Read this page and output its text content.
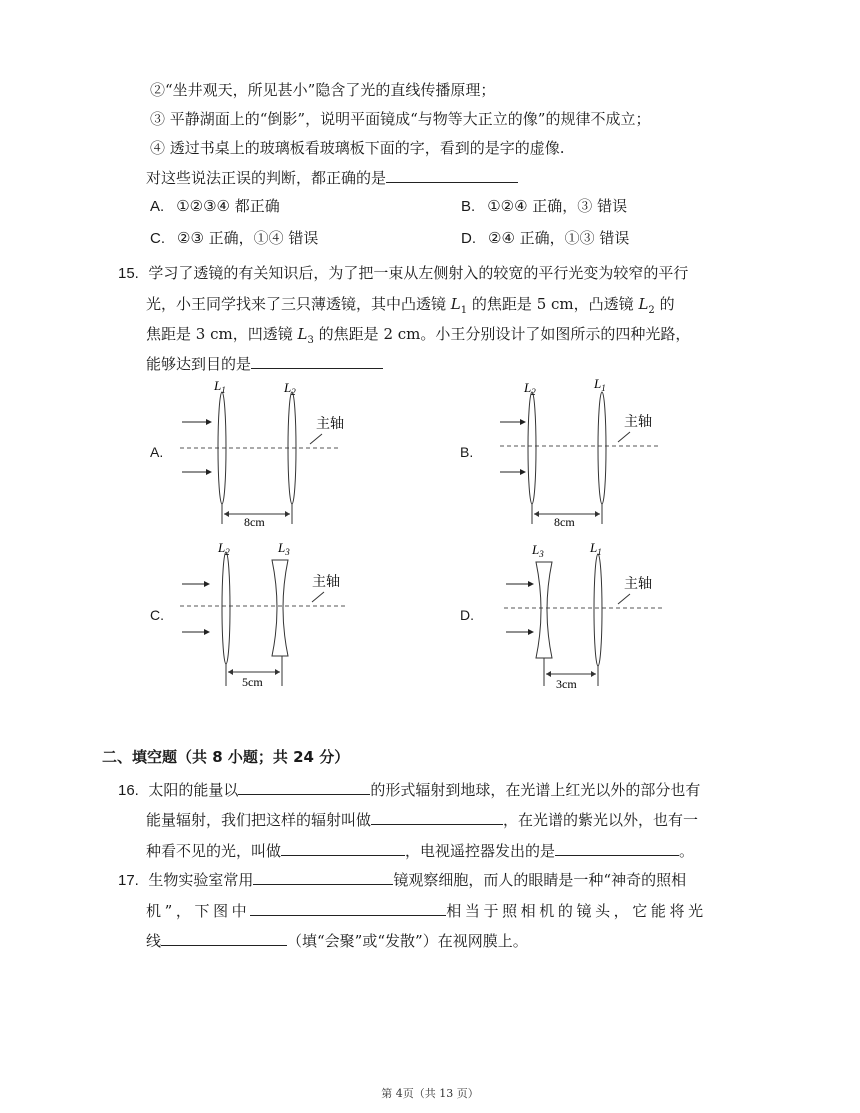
②“坐井观天，所见甚小”隐含了光的直线传播原理；
③ 平静湖面上的“倒影”，说明平面镜成“与物等大正立的像”的规律不成立；
④ 透过书桌上的玻璃板看玻璃板下面的字，看到的是字的虚像.
对这些说法正误的判断，都正确的是
A. ①②③④ 都正确	B. ①②④ 正确，③ 错误
C. ②③ 正确，①④ 错误	D. ②④ 正确，①③ 错误
15. 学习了透镜的有关知识后，为了把一束从左侧射入的较宽的平行光变为较窄的平行
光，小王同学找来了三只薄透镜，其中凸透镜 $L_1$ 的焦距是 5 cm，凸透镜 $L_2$ 的
焦距是 3 cm，凹透镜 $L_3$ 的焦距是 2 cm。小王分别设计了如图所示的四种光路，
能够达到目的是
A.
$L_1$	$L_2$
主轴
8cm
B.
$L_2$
$L_1$
主轴
8cm
C.
$L_2$	$L_3$
主轴
5cm
D.
$L_3$	$L_1$
主轴
3cm
二、填空题（共 8 小题；共 24 分）
16. 太阳的能量以	的形式辐射到地球，在光谱上红光以外的部分也有
能量辐射，我们把这样的辐射叫做	，在光谱的紫光以外，也有一
种看不见的光，叫做	，电视遥控器发出的是	。
17. 生物实验室常用	镜观察细胞，而人的眼睛是一种“神奇的照相
机”，下图中	相当于照相机的镜头，它能将光
线	（填“会聚”或“发散”）在视网膜上。
第 4页（共 13 页）
